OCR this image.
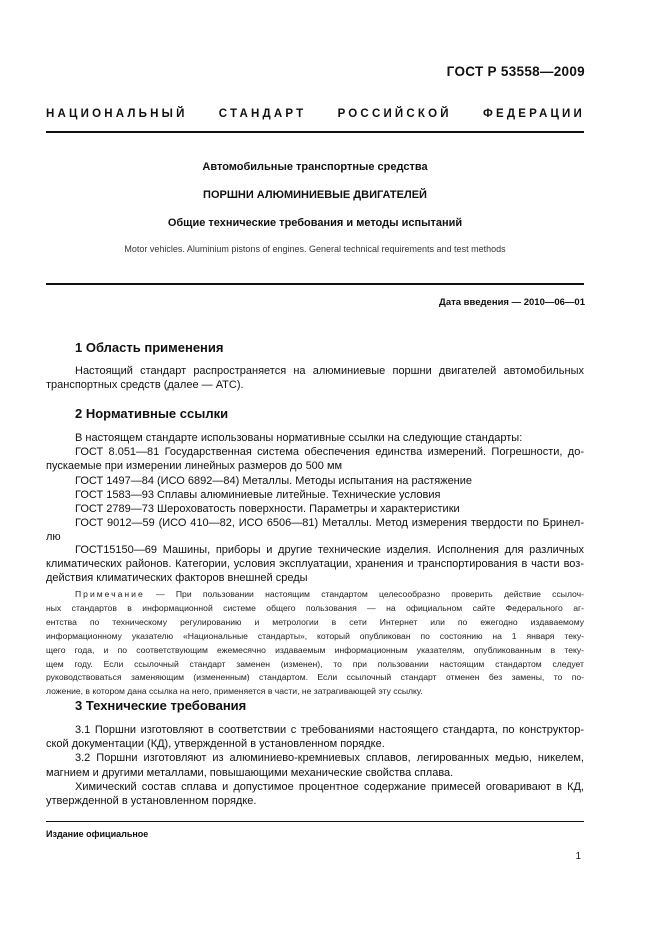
ГОСТ Р 53558—2009
НАЦИОНАЛЬНЫЙ СТАНДАРТ РОССИЙСКОЙ ФЕДЕРАЦИИ
Автомобильные транспортные средства
ПОРШНИ АЛЮМИНИЕВЫЕ ДВИГАТЕЛЕЙ
Общие технические требования и методы испытаний
Motor vehicles. Aluminium pistons of engines. General technical requirements and test methods
Дата введения — 2010—06—01
1 Область применения
Настоящий стандарт распространяется на алюминиевые поршни двигателей автомобильных
транспортных средств (далее — АТС).
2 Нормативные ссылки
В настоящем стандарте использованы нормативные ссылки на следующие стандарты:
ГОСТ 8.051—81 Государственная система обеспечения единства измерений. Погрешности, до-
пускаемые при измерении линейных размеров до 500 мм
ГОСТ 1497—84 (ИСО 6892—84) Металлы. Методы испытания на растяжение
ГОСТ 1583—93 Сплавы алюминиевые литейные. Технические условия
ГОСТ 2789—73 Шероховатость поверхности. Параметры и характеристики
ГОСТ 9012—59 (ИСО 410—82, ИСО 6506—81) Металлы. Метод измерения твердости по Бринел-
лю
ГОСТ15150—69 Машины, приборы и другие технические изделия. Исполнения для различных
климатических районов. Категории, условия эксплуатации, хранения и транспортирования в части воз-
действия климатических факторов внешней среды
Примечание — При пользовании настоящим стандартом целесообразно проверить действие ссылоч-
ных стандартов в информационной системе общего пользования — на официальном сайте Федерального аг-
ентства по техническому регулированию и метрологии в сети Интернет или по ежегодно издаваемому
информационному указателю «Национальные стандарты», который опубликован по состоянию на 1 января теку-
щего года, и по соответствующим ежемесячно издаваемым информационным указателям, опубликованным в теку-
щем году. Если ссылочный стандарт заменен (изменен), то при пользовании настоящим стандартом следует
руководствоваться заменяющим (измененным) стандартом. Если ссылочный стандарт отменен без замены, то по-
ложение, в котором дана ссылка на него, применяется в части, не затрагивающей эту ссылку.
3 Технические требования
3.1 Поршни изготовляют в соответствии с требованиями настоящего стандарта, по конструктор-
ской документации (КД), утвержденной в установленном порядке.
3.2 Поршни изготовляют из алюминиево-кремниевых сплавов, легированных медью, никелем,
магнием и другими металлами, повышающими механические свойства сплава.
Химический состав сплава и допустимое процентное содержание примесей оговаривают в КД,
утвержденной в установленном порядке.
Издание официальное
1
